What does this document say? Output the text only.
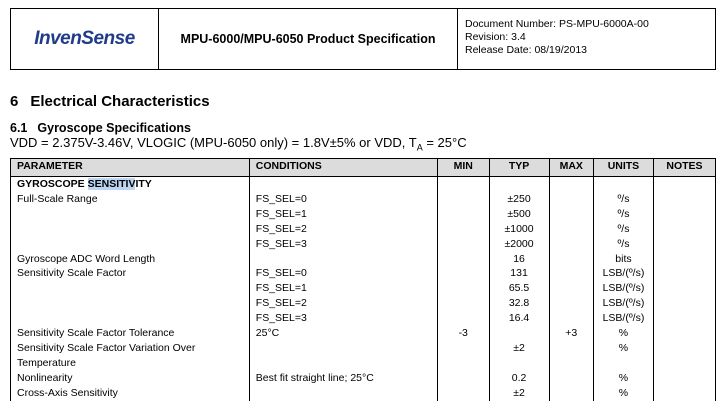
InvenSense	MPU-6000/MPU-6050 Product Specification
Document Number: PS-MPU-6000A-00
Revision: 3.4
Release Date: 08/19/2013
6 Electrical Characteristics
6.1 Gyroscope Specifications
VDD = 2.375V-3.46V, VLOGIC (MPU-6050 only) = 1.8V±5% or VDD, $T_A = 25^\circ C$
PARAMETER	CONDITIONS	MIN	TYP	MAX	UNITS	NOTES
GYROSCOPE SENSITIVITY						
Full-Scale Range	FS_SEL=0		±250		º/s	
	FS_SEL=1		±500		º/s	
	FS_SEL=2		±1000		º/s	
	FS_SEL=3		±2000		º/s	
Gyroscope ADC Word Length			16		bits	
Sensitivity Scale Factor	FS_SEL=0		131		LSB/(º/s)	
	FS_SEL=1		65.5		LSB/(º/s)	
	FS_SEL=2		32.8		LSB/(º/s)	
	FS_SEL=3		16.4		LSB/(º/s)	
Sensitivity Scale Factor Tolerance	25°C	-3		+3	%	
Sensitivity Scale Factor Variation Over Temperature			±2		%	
Nonlinearity	Best fit straight line; 25°C		0.2		%	
Cross-Axis Sensitivity			±2		%	
